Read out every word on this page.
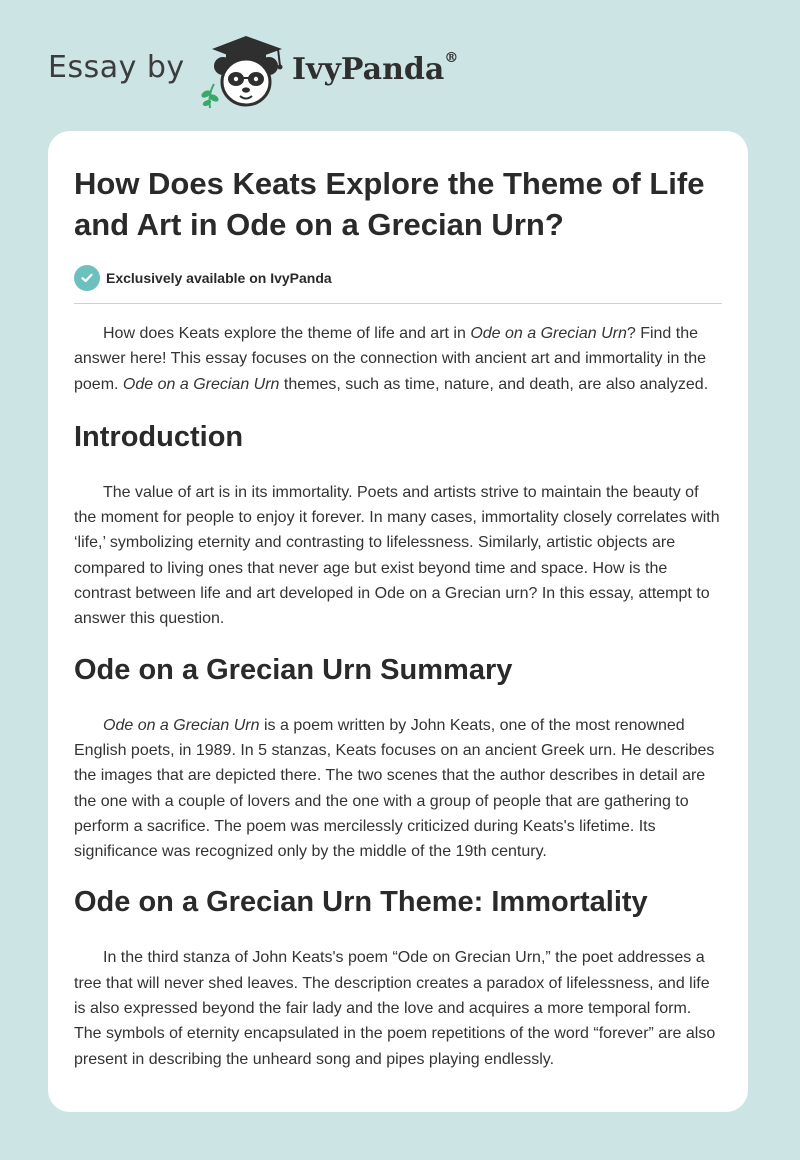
Essay by	IvyPanda®
How Does Keats Explore the Theme of Life and Art in Ode on a Grecian Urn?
Exclusively available on IvyPanda

How does Keats explore the theme of life and art in Ode on a Grecian Urn? Find the answer here! This essay focuses on the connection with ancient art and immortality in the poem. Ode on a Grecian Urn themes, such as time, nature, and death, are also analyzed.

Introduction

The value of art is in its immortality. Poets and artists strive to maintain the beauty of the moment for people to enjoy it forever. In many cases, immortality closely correlates with ‘life,’ symbolizing eternity and contrasting to lifelessness. Similarly, artistic objects are compared to living ones that never age but exist beyond time and space. How is the contrast between life and art developed in Ode on a Grecian urn? In this essay, attempt to answer this question.

Ode on a Grecian Urn Summary

Ode on a Grecian Urn is a poem written by John Keats, one of the most renowned English poets, in 1989. In 5 stanzas, Keats focuses on an ancient Greek urn. He describes the images that are depicted there. The two scenes that the author describes in detail are the one with a couple of lovers and the one with a group of people that are gathering to perform a sacrifice. The poem was mercilessly criticized during Keats's lifetime. Its significance was recognized only by the middle of the 19th century.

Ode on a Grecian Urn Theme: Immortality

In the third stanza of John Keats's poem “Ode on Grecian Urn,” the poet addresses a tree that will never shed leaves. The description creates a paradox of lifelessness, and life is also expressed beyond the fair lady and the love and acquires a more temporal form. The symbols of eternity encapsulated in the poem repetitions of the word “forever” are also present in describing the unheard song and pipes playing endlessly.
